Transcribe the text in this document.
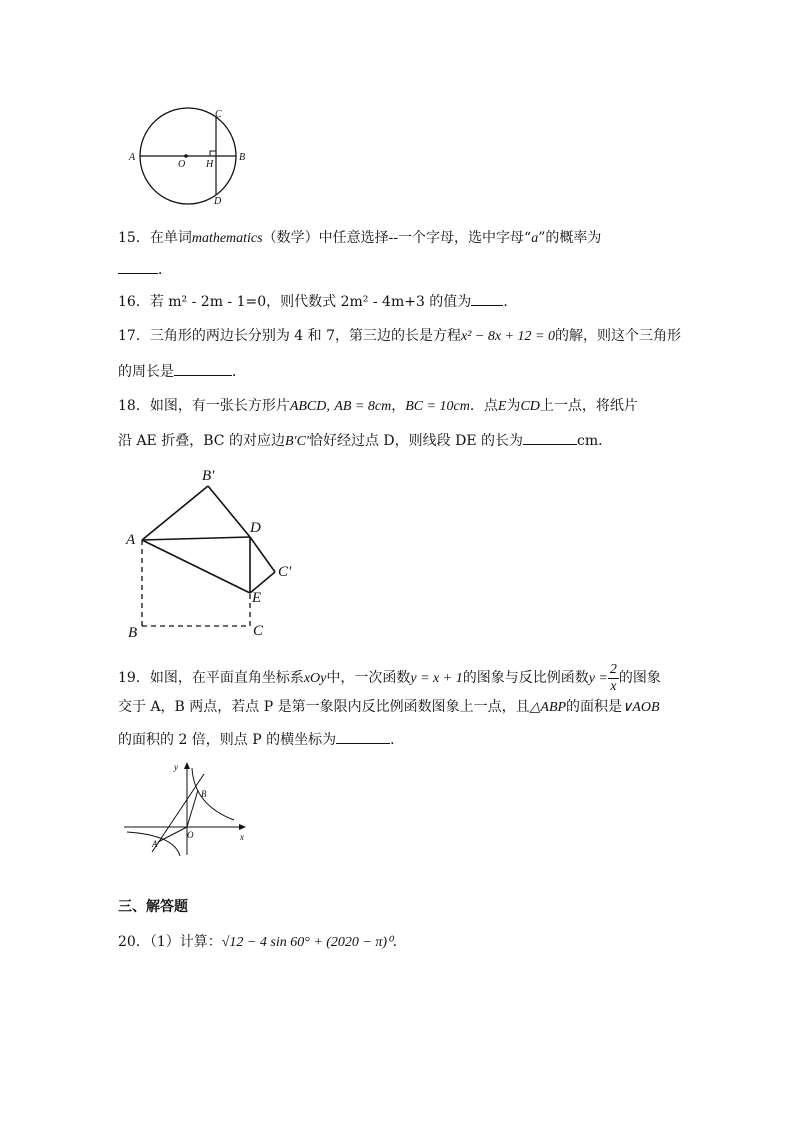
A
O H
B
C
D
15．在单词mathematics（数学）中任意选择--一个字母，选中字母“a”的概率为
．
16．若 m² - 2m - 1=0，则代数式 2m² - 4m+3 的值为 ．
17．三角形的两边长分别为 4 和 7，第三边的长是方程x² − 8x + 12 = 0的解，则这个三角形
的周长是	．
18．如图，有一张长方形片ABCD, AB = 8cm，BC = 10cm．点E为CD上一点，将纸片
沿 AE 折叠，BC 的对应边B′C′恰好经过点 D，则线段 DE 的长为	cm．
A
B′
D
C′
E
B	C
19．如图，在平面直角坐标系xOy中，一次函数y = x + 1的图象与反比例函数$y = \frac{2}{x}$ 的图象
交于 A，B 两点，若点 P 是第一象限内反比例函数图象上一点，且△ABP的面积是∨AOB
的面积的 2 倍，则点 P 的横坐标为	．
y
x
O
A
B
三、解答题
20．（1）计算：√12 − 4 sin 60° + (2020 − π)⁰．
